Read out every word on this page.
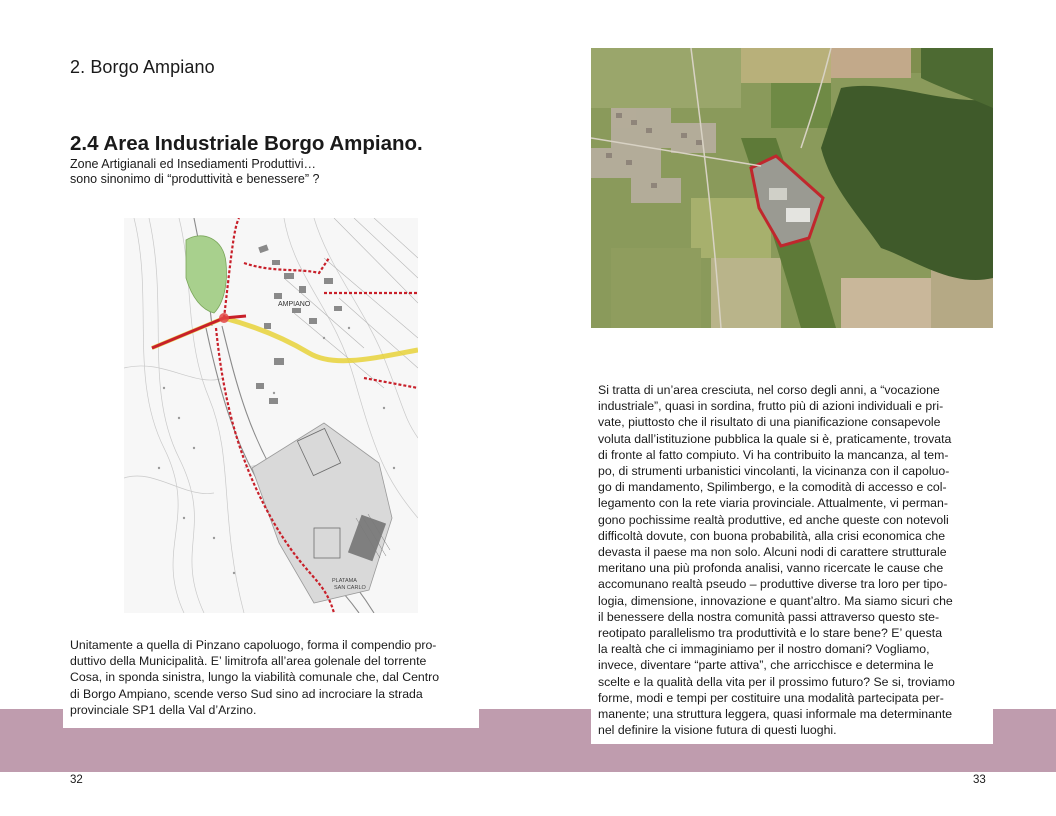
2. Borgo Ampiano
2.4 Area Industriale Borgo Ampiano.
Zone Artigianali ed Insediamenti Produttivi…
sono sinonimo di “produttività e benessere” ?
AMPIANO
PLATAMA
SAN CARLO
Unitamente a quella di Pinzano capoluogo, forma il compendio pro-
duttivo della Municipalità. E’ limitrofa all’area golenale del torrente
Cosa, in sponda sinistra, lungo la viabilità comunale che, dal Centro
di Borgo Ampiano, scende verso Sud sino ad incrociare la strada
provinciale SP1 della Val d’Arzino.
Si tratta di un’area cresciuta, nel corso degli anni, a “vocazione
industriale”, quasi in sordina, frutto più di azioni individuali e pri-
vate, piuttosto che il risultato di una pianificazione consapevole
voluta dall’istituzione pubblica la quale si è, praticamente, trovata
di fronte al fatto compiuto. Vi ha contribuito la mancanza, al tem-
po, di strumenti urbanistici vincolanti, la vicinanza con il capoluo-
go di mandamento, Spilimbergo, e la comodità di accesso e col-
legamento con la rete viaria provinciale. Attualmente, vi perman-
gono pochissime realtà produttive, ed anche queste con notevoli
difficoltà dovute, con buona probabilità, alla crisi economica che
devasta il paese ma non solo. Alcuni nodi di carattere strutturale
meritano una più profonda analisi, vanno ricercate le cause che
accomunano realtà pseudo – produttive diverse tra loro per tipo-
logia, dimensione, innovazione e quant’altro. Ma siamo sicuri che
il benessere della nostra comunità passi attraverso questo ste-
reotipato parallelismo tra produttività e lo stare bene? E’ questa
la realtà che ci immaginiamo per il nostro domani? Vogliamo,
invece, diventare “parte attiva”, che arricchisce e determina le
scelte e la qualità della vita per il prossimo futuro? Se si, troviamo
forme, modi e tempi per costituire una modalità partecipata per-
manente; una struttura leggera, quasi informale ma determinante
nel definire la visione futura di questi luoghi.
32	33
